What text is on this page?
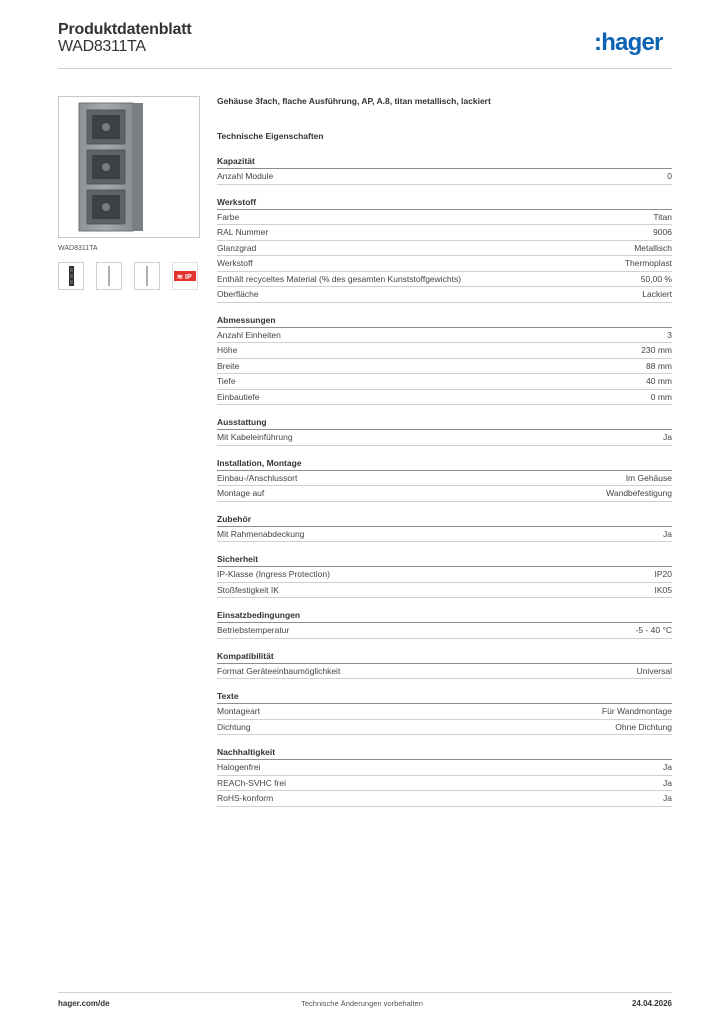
Produktdatenblatt
WAD8311TA	:hager
WAD8311TA
≋ IP
Gehäuse 3fach, flache Ausführung, AP, A.8, titan metallisch, lackiert
Technische Eigenschaften
Kapazität
Anzahl Module	0
Werkstoff
Farbe	Titan
RAL Nummer	9006
Glanzgrad	Metallisch
Werkstoff	Thermoplast
Enthält recyceltes Material (% des gesamten Kunststoffgewichts)	50,00 %
Oberfläche	Lackiert
Abmessungen
Anzahl Einheiten	3
Höhe	230 mm
Breite	88 mm
Tiefe	40 mm
Einbautiefe	0 mm
Ausstattung
Mit Kabeleinführung	Ja
Installation, Montage
Einbau-/Anschlussort	Im Gehäuse
Montage auf	Wandbefestigung
Zubehör
Mit Rahmenabdeckung	Ja
Sicherheit
IP-Klasse (Ingress Protection)	IP20
Stoßfestigkeit IK	IK05
Einsatzbedingungen
Betriebstemperatur	-5 - 40 °C
Kompatibilität
Format Geräteeinbaumöglichkeit	Universal
Texte
Montageart	Für Wandmontage
Dichtung	Ohne Dichtung
Nachhaltigkeit
Halogenfrei	Ja
REACh-SVHC frei	Ja
RoHS-konform	Ja
hager.com/de	Technische Änderungen vorbehalten	24.04.2026
